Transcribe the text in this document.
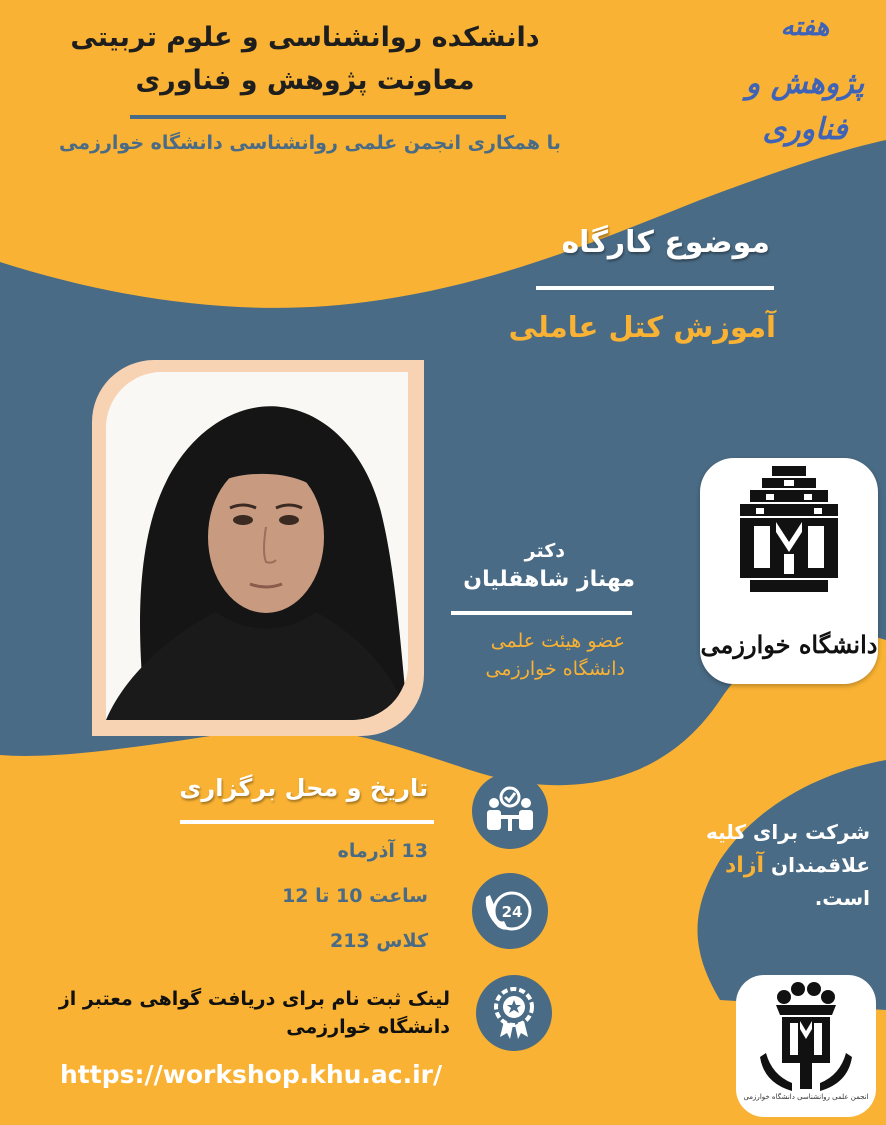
دانشکده روانشناسی و علوم تربیتی
معاونت پژوهش و فناوری
با همکاری انجمن علمی روانشناسی دانشگاه خوارزمی
هفته
پژوهش و
فناوری
موضوع کارگاه
آموزش کتل عاملی
دکتر
مهناز شاهقلیان
عضو هیئت علمی
دانشگاه خوارزمی
دانشگاه خوارزمی
تاریخ و محل برگزاری
13 آذرماه
ساعت 10 تا 12
کلاس 213
24
شرکت برای کلیه
علاقمندان آزاد
است.
لینک ثبت نام برای دریافت گواهی معتبر از
دانشگاه خوارزمی
https://workshop.khu.ac.ir/
انجمن علمی روانشناسی دانشگاه خوارزمی
